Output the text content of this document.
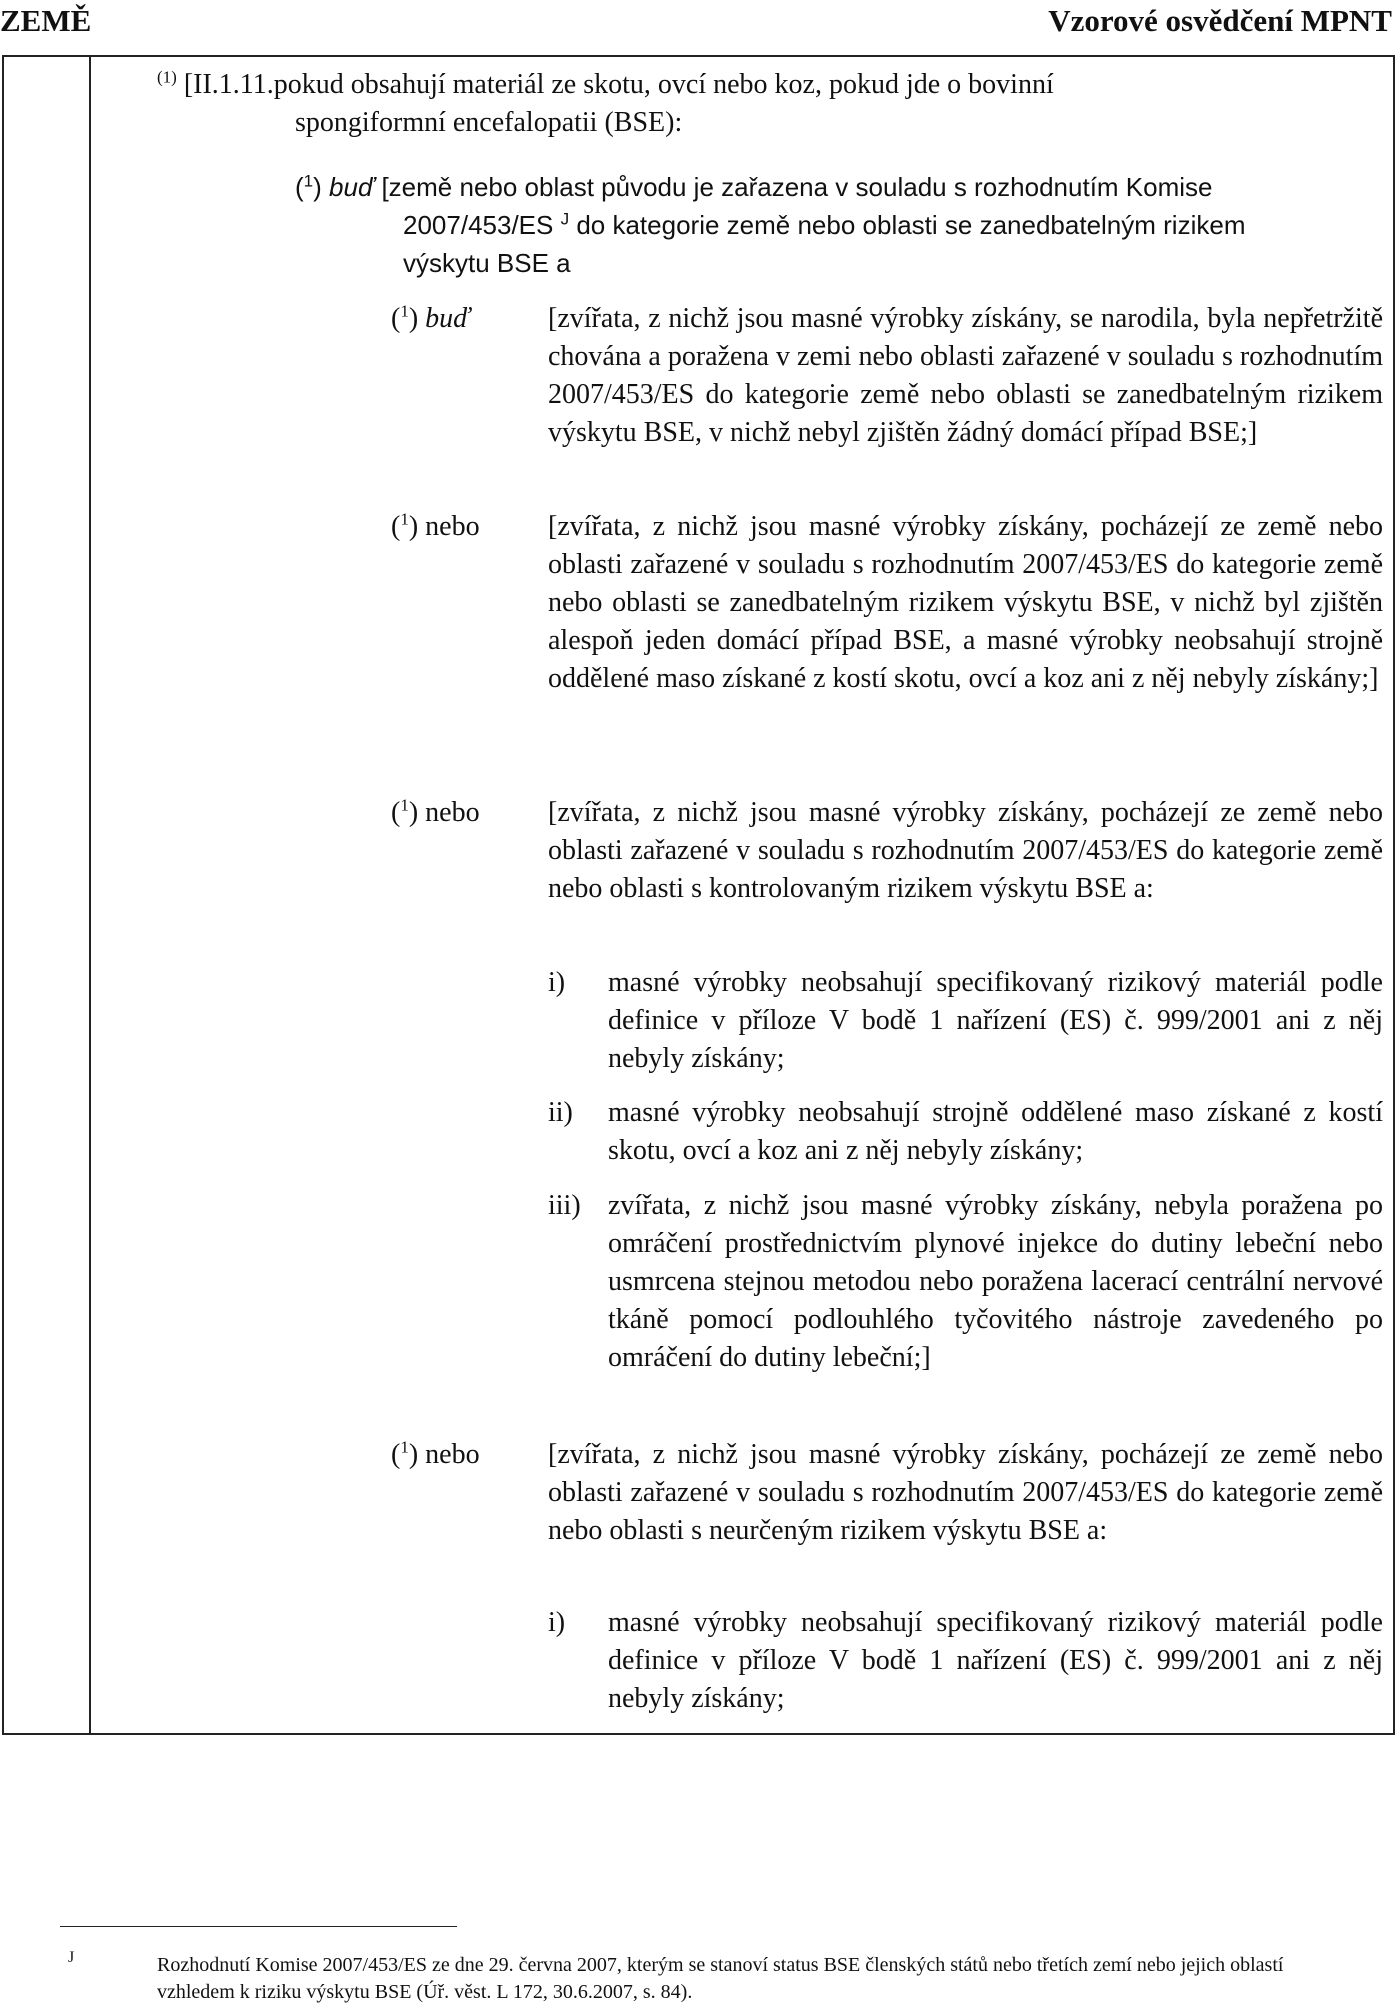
ZEMĚ	Vzorové osvědčení MPNT
$^{(1)}$ [II.1.11.pokud obsahují materiál ze skotu, ovcí nebo koz, pokud jde o bovinní
spongiformní encefalopatii (BSE):
($^1$) buď [země nebo oblast původu je zařazena v souladu s rozhodnutím Komise
2007/453/ES $^J$ do kategorie země nebo oblasti se zanedbatelným rizikem
výskytu BSE a
($^1$) buď	[zvířata, z nichž jsou masné výrobky získány, se narodila, byla nepřetržitě chována a poražena v zemi nebo oblasti zařazené v souladu s rozhodnutím 2007/453/ES do kategorie země nebo oblasti se zanedbatelným rizikem výskytu BSE, v nichž nebyl zjištěn žádný domácí případ BSE;]
($^1$) nebo [zvířata, z nichž jsou masné výrobky získány, pocházejí ze země nebo oblasti zařazené v souladu s rozhodnutím 2007/453/ES do kategorie země nebo oblasti se zanedbatelným rizikem výskytu BSE, v nichž byl zjištěn alespoň jeden domácí případ BSE, a masné výrobky neobsahují strojně oddělené maso získané z kostí skotu, ovcí a koz ani z něj nebyly získány;]
($^1$) nebo [zvířata, z nichž jsou masné výrobky získány, pocházejí ze země nebo oblasti zařazené v souladu s rozhodnutím 2007/453/ES do kategorie země nebo oblasti s kontrolovaným rizikem výskytu BSE a:
i) masné výrobky neobsahují specifikovaný rizikový materiál podle definice v příloze V bodě 1 nařízení (ES) č. 999/2001 ani z něj nebyly získány;
ii) masné výrobky neobsahují strojně oddělené maso získané z kostí skotu, ovcí a koz ani z něj nebyly získány;
iii) zvířata, z nichž jsou masné výrobky získány, nebyla poražena po omráčení prostřednictvím plynové injekce do dutiny lebeční nebo usmrcena stejnou metodou nebo poražena lacerací centrální nervové tkáně pomocí podlouhlého tyčovitého nástroje zavedeného po omráčení do dutiny lebeční;]
($^1$) nebo [zvířata, z nichž jsou masné výrobky získány, pocházejí ze země nebo oblasti zařazené v souladu s rozhodnutím 2007/453/ES do kategorie země nebo oblasti s neurčeným rizikem výskytu BSE a:
i) masné výrobky neobsahují specifikovaný rizikový materiál podle definice v příloze V bodě 1 nařízení (ES) č. 999/2001 ani z něj nebyly získány;
J	Rozhodnutí Komise 2007/453/ES ze dne 29. června 2007, kterým se stanoví status BSE členských států nebo třetích zemí nebo jejich oblastí vzhledem k riziku výskytu BSE (Úř. věst. L 172, 30.6.2007, s. 84).
